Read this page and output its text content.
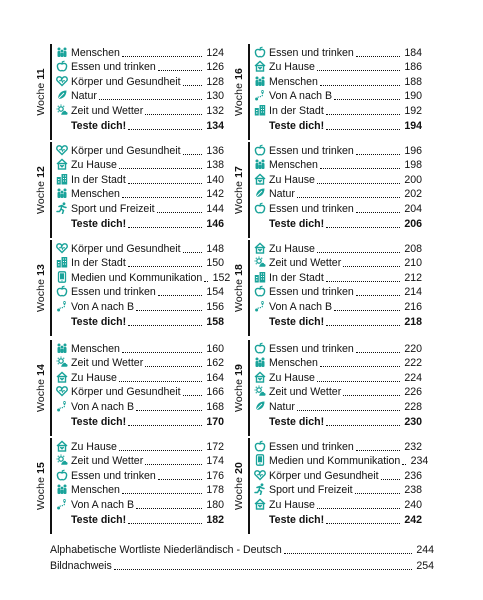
Woche 11
Menschen	124
Essen und trinken	126
Körper und Gesundheit 128
Natur	130
Zeit und Wetter	132
Teste dich!	134
Woche 12
Körper und Gesundheit 136
Zu Hause	138
In der Stadt	140
Menschen	142
Sport und Freizeit	144
Teste dich!	146
Woche 13
Körper und Gesundheit 148
In der Stadt	150
Medien und Kommunikation 152
Essen und trinken	154
Von A nach B	156
Teste dich!	158
Woche 14
Menschen	160
Zeit und Wetter	162
Zu Hause	164
Körper und Gesundheit 166
Von A nach B	168
Teste dich!	170
Woche 15
Zu Hause	172
Zeit und Wetter	174
Essen und trinken	176
Menschen	178
Von A nach B	180
Teste dich!	182
Woche 16
Essen und trinken	184
Zu Hause	186
Menschen	188
Von A nach B	190
In der Stadt	192
Teste dich!	194
Woche 17
Essen und trinken	196
Menschen	198
Zu Hause	200
Natur	202
Essen und trinken	204
Teste dich!	206
Woche 18
Zu Hause	208
Zeit und Wetter	210
In der Stadt	212
Essen und trinken	214
Von A nach B	216
Teste dich!	218
Woche 19
Essen und trinken	220
Menschen	222
Zu Hause	224
Zeit und Wetter	226
Natur	228
Teste dich!	230
Woche 20
Essen und trinken	232
Medien und Kommunikation 234
Körper und Gesundheit 236
Sport und Freizeit	238
Zu Hause	240
Teste dich!	242
Alphabetische Wortliste Niederländisch - Deutsch	244
Bildnachweis	254
